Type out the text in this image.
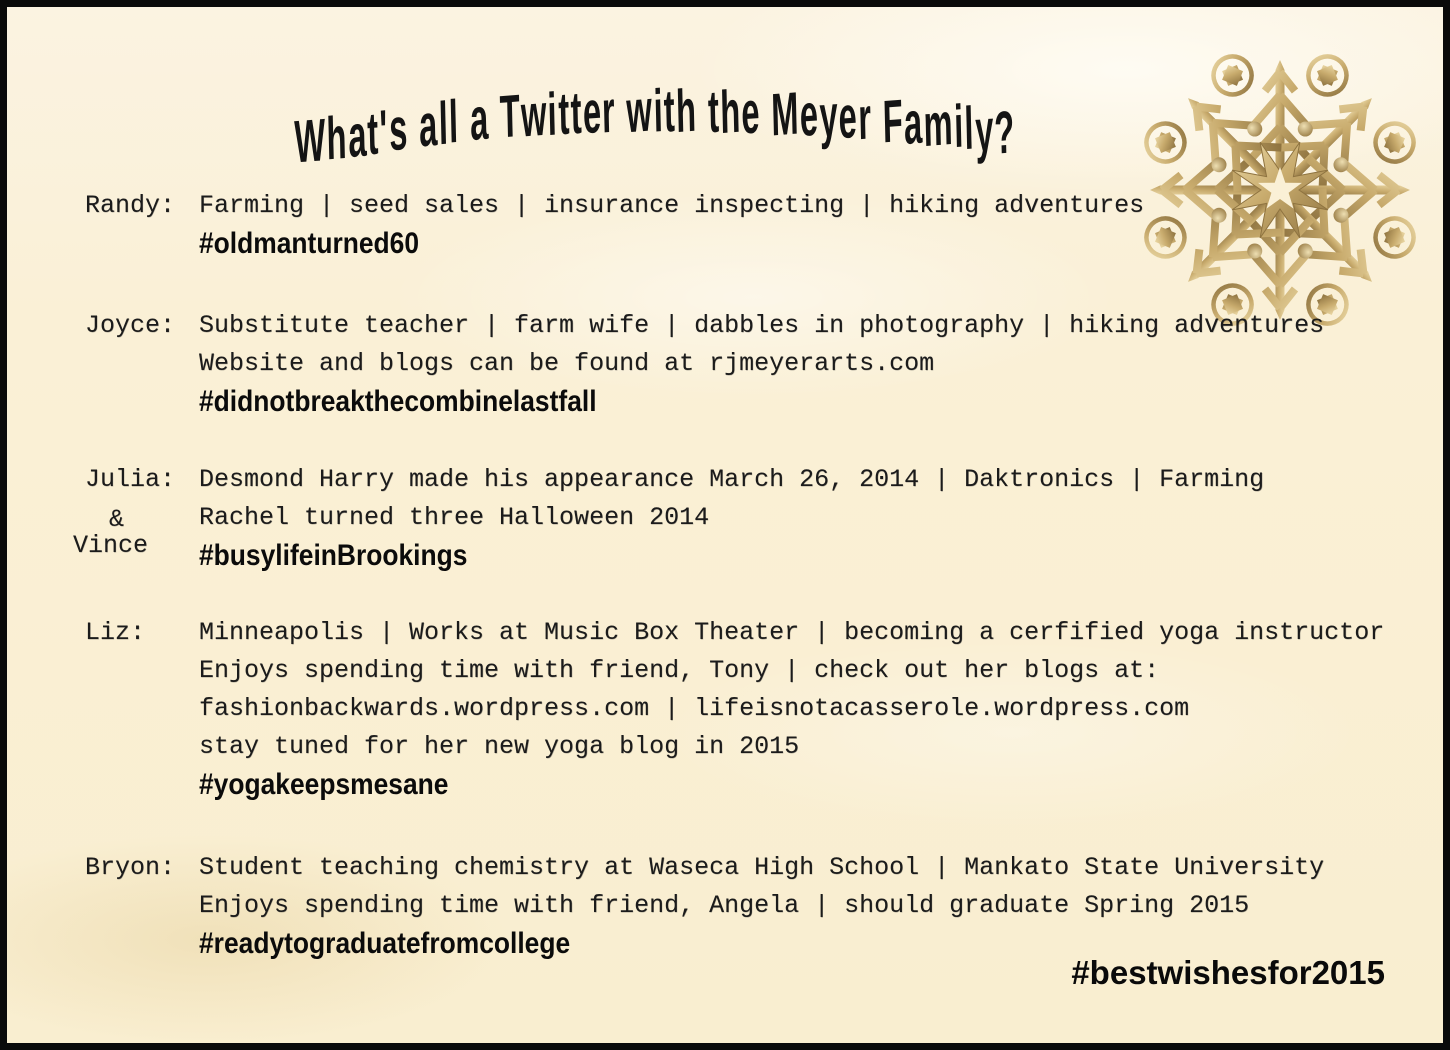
What's all a Twitter with the Meyer Family?
Randy: Farming | seed sales | insurance inspecting | hiking adventures
#oldmanturned60
Joyce: Substitute teacher | farm wife | dabbles in photography | hiking adventures
Website and blogs can be found at rjmeyerarts.com
#didnotbreakthecombinelastfall
Julia:
&
Vince
Desmond Harry made his appearance March 26, 2014 | Daktronics | Farming
Rachel turned three Halloween 2014
#busylifeinBrookings
Liz: Minneapolis | Works at Music Box Theater | becoming a cerfified yoga instructor
Enjoys spending time with friend, Tony | check out her blogs at:
fashionbackwards.wordpress.com | lifeisnotacasserole.wordpress.com
stay tuned for her new yoga blog in 2015
#yogakeepsmesane
Bryon: Student teaching chemistry at Waseca High School | Mankato State University
Enjoys spending time with friend, Angela | should graduate Spring 2015
#readytograduatefromcollege
#bestwishesfor2015
